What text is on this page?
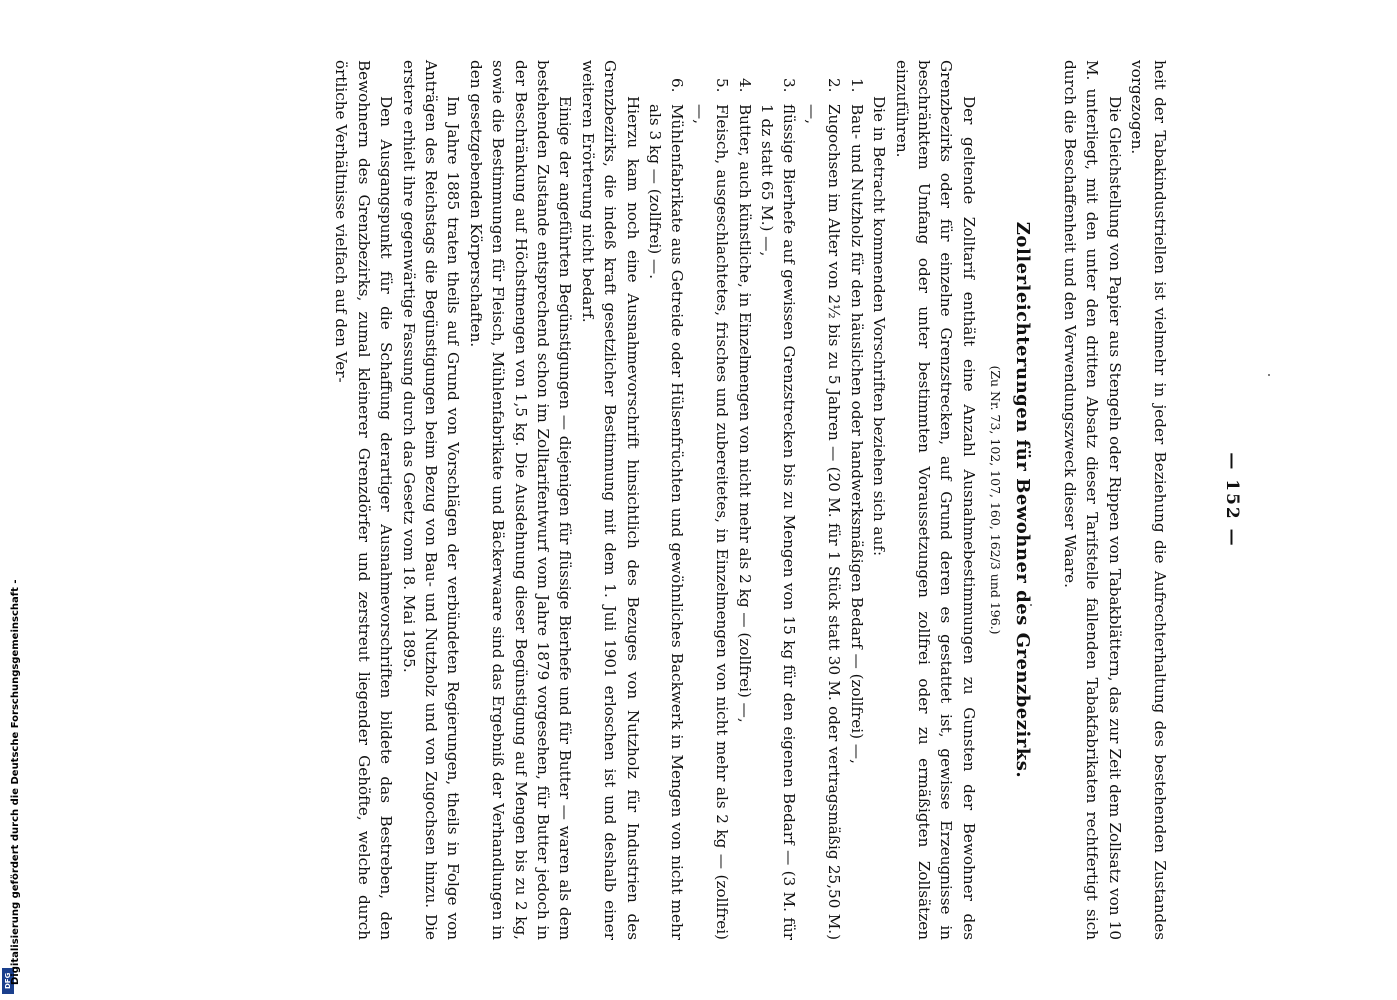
— 152 —

heit der Tabakindustriellen ist vielmehr in jeder Beziehung die Aufrechterhaltung des bestehenden Zustandes vorgezogen.

Die Gleichstellung von Papier aus Stengeln oder Rippen von Tabakblättern, das zur Zeit dem Zollsatz von 10 M. unterliegt, mit den unter den dritten Absatz dieser Tarifstelle fallenden Tabakfabrikaten rechtfertigt sich durch die Beschaffenheit und den Verwendungszweck dieser Waare.

Zollerleichterungen für Bewohner des Grenzbezirks.
(Zu Nr. 73, 102, 107, 160, 162/3 und 196.)

Der geltende Zolltarif enthält eine Anzahl Ausnahmebestimmungen zu Gunsten der Bewohner des Grenzbezirks oder für einzelne Grenzstrecken, auf Grund deren es gestattet ist, gewisse Erzeugnisse in beschränktem Umfang oder unter bestimmten Voraussetzungen zollfrei oder zu ermäßigten Zollsätzen einzuführen.

Die in Betracht kommenden Vorschriften beziehen sich auf:

1.
Bau- und Nutzholz für den häuslichen oder handwerksmäßigen Bedarf — (zollfrei) —,
2.
Zugochsen im Alter von 2½ bis zu 5 Jahren — (20 M. für 1 Stück statt 30 M. oder vertragsmäßig 25,50 M.) —,
3.
flüssige Bierhefe auf gewissen Grenzstrecken bis zu Mengen von 15 kg für den eigenen Bedarf — (3 M. für 1 dz statt 65 M.) —,
4.
Butter, auch künstliche, in Einzelmengen von nicht mehr als 2 kg — (zollfrei) —,
5.
Fleisch, ausgeschlachtetes, frisches und zubereitetes, in Einzelmengen von nicht mehr als 2 kg — (zollfrei) —,
6.
Mühlenfabrikate aus Getreide oder Hülsenfrüchten und gewöhnliches Backwerk in Mengen von nicht mehr als 3 kg — (zollfrei) —.

Hierzu kam noch eine Ausnahmevorschrift hinsichtlich des Bezuges von Nutzholz für Industrien des Grenzbezirks, die indeß kraft gesetzlicher Bestimmung mit dem 1. Juli 1901 erloschen ist und deshalb einer weiteren Erörterung nicht bedarf.

Einige der angeführten Begünstigungen — diejenigen für flüssige Bierhefe und für Butter — waren als dem bestehenden Zustande entsprechend schon im Zolltarifentwurf vom Jahre 1879 vorgesehen, für Butter jedoch in der Beschränkung auf Höchstmengen von 1,5 kg. Die Ausdehnung dieser Begünstigung auf Mengen bis zu 2 kg, sowie die Bestimmungen für Fleisch, Mühlenfabrikate und Bäckerwaare sind das Ergebniß der Verhandlungen in den gesetzgebenden Körperschaften.

Im Jahre 1885 traten theils auf Grund von Vorschlägen der verbündeten Regierungen, theils in Folge von Anträgen des Reichstags die Begünstigungen beim Bezug von Bau- und Nutzholz und von Zugochsen hinzu. Die erstere erhielt ihre gegenwärtige Fassung durch das Gesetz vom 18. Mai 1895.

Den Ausgangspunkt für die Schaffung derartiger Ausnahmevorschriften bildete das Bestreben, den Bewohnern des Grenzbezirks, zumal kleinerer Grenzdörfer und zerstreut liegender Gehöfte, welche durch örtliche Verhältnisse vielfach auf den Ver-

DFG
Digitalisierung gefördert durch die Deutsche Forschungsgemeinschaft -
